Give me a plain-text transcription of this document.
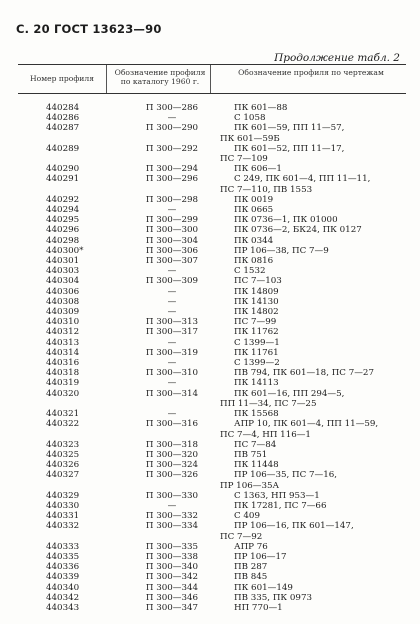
С. 20 ГОСТ 13623—90
Продолжение табл. 2
Номер профиля
Обозначение профиля по каталогу 1960 г.
Обозначение профиля по чертежам
440284	П 300—286	ПК 601—88
440286	—	С 1058
440287	П 300—290	ПК 601—59, ПП 11—57,
ПК 601—59Б
440289	П 300—292	ПК 601—52, ПП 11—17,
ПС 7—109
440290	П 300—294	ПК 606—1
440291	П 300—296	С 249, ПК 601—4, ПП 11—11,
ПС 7—110, ПВ 1553
440292	П 300—298	ПК 0019
440294	—	ПК 0665
440295	П 300—299	ПК 0736—1, ПК 01000
440296	П 300—300	ПК 0736—2, БК24, ПК 0127
440298	П 300—304	ПК 0344
440300*	П 300—306	ПР 106—38, ПС 7—9
440301	П 300—307	ПК 0816
440303	—	С 1532
440304	П 300—309	ПС 7—103
440306	—	ПК 14809
440308	—	ПК 14130
440309	—	ПК 14802
440310	П 300—313	ПС 7—99
440312	П 300—317	ПК 11762
440313	—	С 1399—1
440314	П 300—319	ПК 11761
440316	—	С 1399—2
440318	П 300—310	ПВ 794, ПК 601—18, ПС 7—27
440319	—	ПК 14113
440320	П 300—314	ПК 601—16, ПП 294—5,
ПП 11—34, ПС 7—25
440321	—	ПК 15568
440322	П 300—316	АПР 10, ПК 601—4, ПП 11—59,
ПС 7—4, НП 116—1
440323	П 300—318	ПС 7—84
440325	П 300—320	ПВ 751
440326	П 300—324	ПК 11448
440327	П 300—326	ПР 106—35, ПС 7—16,
ПР 106—35А
440329	П 300—330	С 1363, НП 953—1
440330	—	ПК 17281, ПС 7—66
440331	П 300—332	С 409
440332	П 300—334	ПР 106—16, ПК 601—147,
ПС 7—92
440333	П 300—335	АПР 76
440335	П 300—338	ПР 106—17
440336	П 300—340	ПВ 287
440339	П 300—342	ПВ 845
440340	П 300—344	ПК 601—149
440342	П 300—346	ПВ 335, ПК 0973
440343	П 300—347	НП 770—1
